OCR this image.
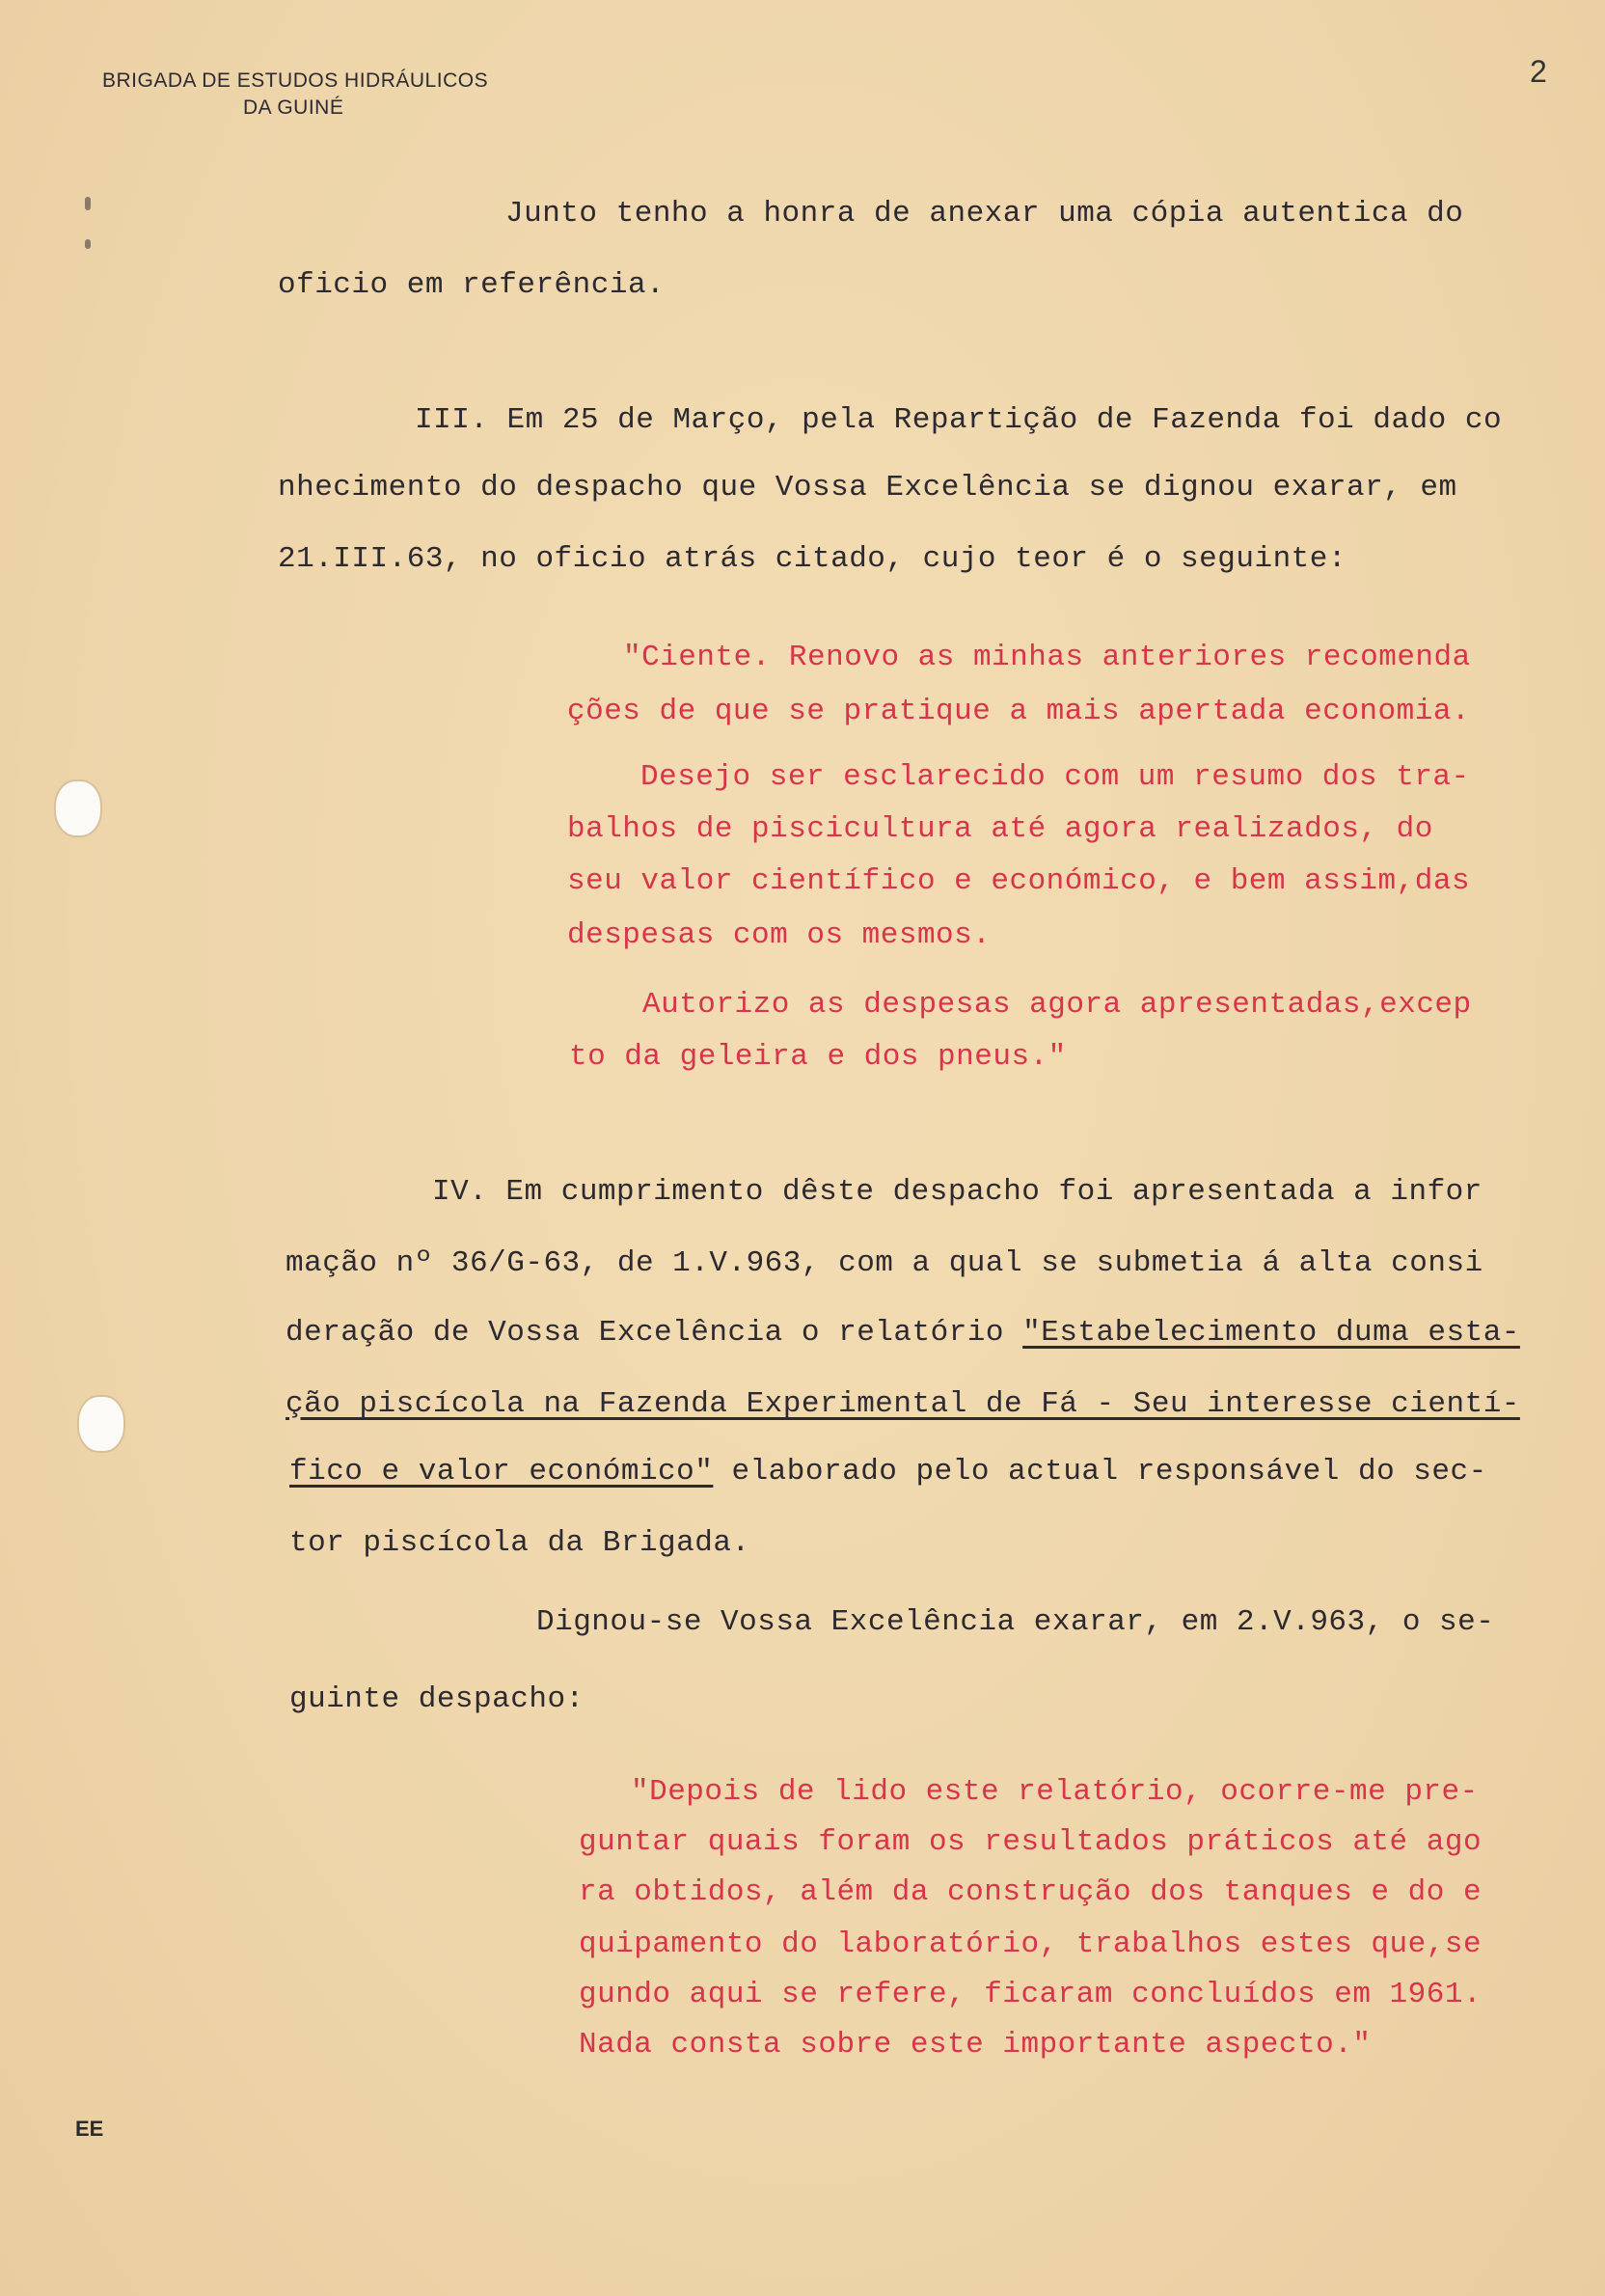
BRIGADA DE ESTUDOS HIDRÁULICOS
DA GUINÉ
2
Junto tenho a honra de anexar uma cópia autentica do
oficio em referência.
III. Em 25 de Março, pela Repartição de Fazenda foi dado co
nhecimento do despacho que Vossa Excelência se dignou exarar, em
21.III.63, no oficio atrás citado, cujo teor é o seguinte:
"Ciente. Renovo as minhas anteriores recomenda
ções de que se pratique a mais apertada economia.
Desejo ser esclarecido com um resumo dos tra-
balhos de piscicultura até agora realizados, do
seu valor científico e económico, e bem assim,das
despesas com os mesmos.
Autorizo as despesas agora apresentadas,excep
to da geleira e dos pneus."
IV. Em cumprimento dêste despacho foi apresentada a infor
mação nº 36/G-63, de 1.V.963, com a qual se submetia á alta consi
deração de Vossa Excelência o relatório "Estabelecimento duma esta-
ção piscícola na Fazenda Experimental de Fá - Seu interesse cientí-
fico e valor económico" elaborado pelo actual responsável do sec-
tor piscícola da Brigada.
Dignou-se Vossa Excelência exarar, em 2.V.963, o se-
guinte despacho:
"Depois de lido este relatório, ocorre-me pre-
guntar quais foram os resultados práticos até ago
ra obtidos, além da construção dos tanques e do e
quipamento do laboratório, trabalhos estes que,se
gundo aqui se refere, ficaram concluídos em 1961.
Nada consta sobre este importante aspecto."
EE
